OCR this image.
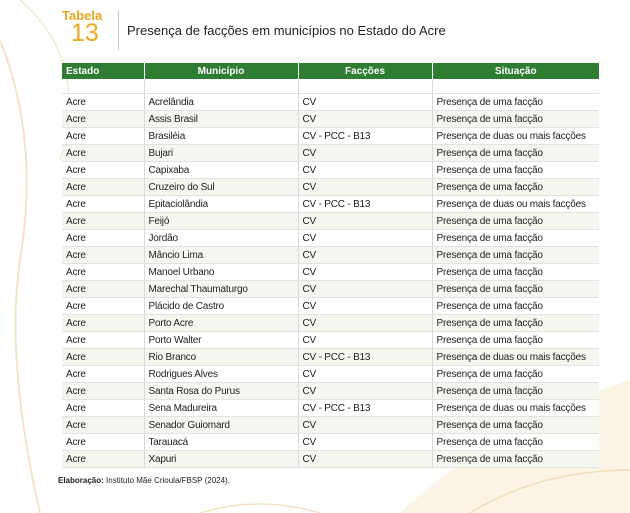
Tabela
13 Presença de facções em municípios no Estado do Acre
Estado	Município	Facções	Situação

Acre	Acrelândia	CV	Presença de uma facção
Acre	Assis Brasil	CV	Presença de uma facção
Acre	Brasiléia	CV - PCC - B13	Presença de duas ou mais facções
Acre	Bujari	CV	Presença de uma facção
Acre	Capixaba	CV	Presença de uma facção
Acre	Cruzeiro do Sul	CV	Presença de uma facção
Acre	Epitaciolândia	CV - PCC - B13	Presença de duas ou mais facções
Acre	Feijó	CV	Presença de uma facção
Acre	Jordão	CV	Presença de uma facção
Acre	Mâncio Lima	CV	Presença de uma facção
Acre	Manoel Urbano	CV	Presença de uma facção
Acre	Marechal Thaumaturgo	CV	Presença de uma facção
Acre	Plácido de Castro	CV	Presença de uma facção
Acre	Porto Acre	CV	Presença de uma facção
Acre	Porto Walter	CV	Presença de uma facção
Acre	Rio Branco	CV - PCC - B13	Presença de duas ou mais facções
Acre	Rodrigues Alves	CV	Presença de uma facção
Acre	Santa Rosa do Purus	CV	Presença de uma facção
Acre	Sena Madureira	CV - PCC - B13	Presença de duas ou mais facções
Acre	Senador Guiomard	CV	Presença de uma facção
Acre	Tarauacá	CV	Presença de uma facção
Acre	Xapuri	CV	Presença de uma facção
Elaboração: Instituto Mãe Crioula/FBSP (2024).
